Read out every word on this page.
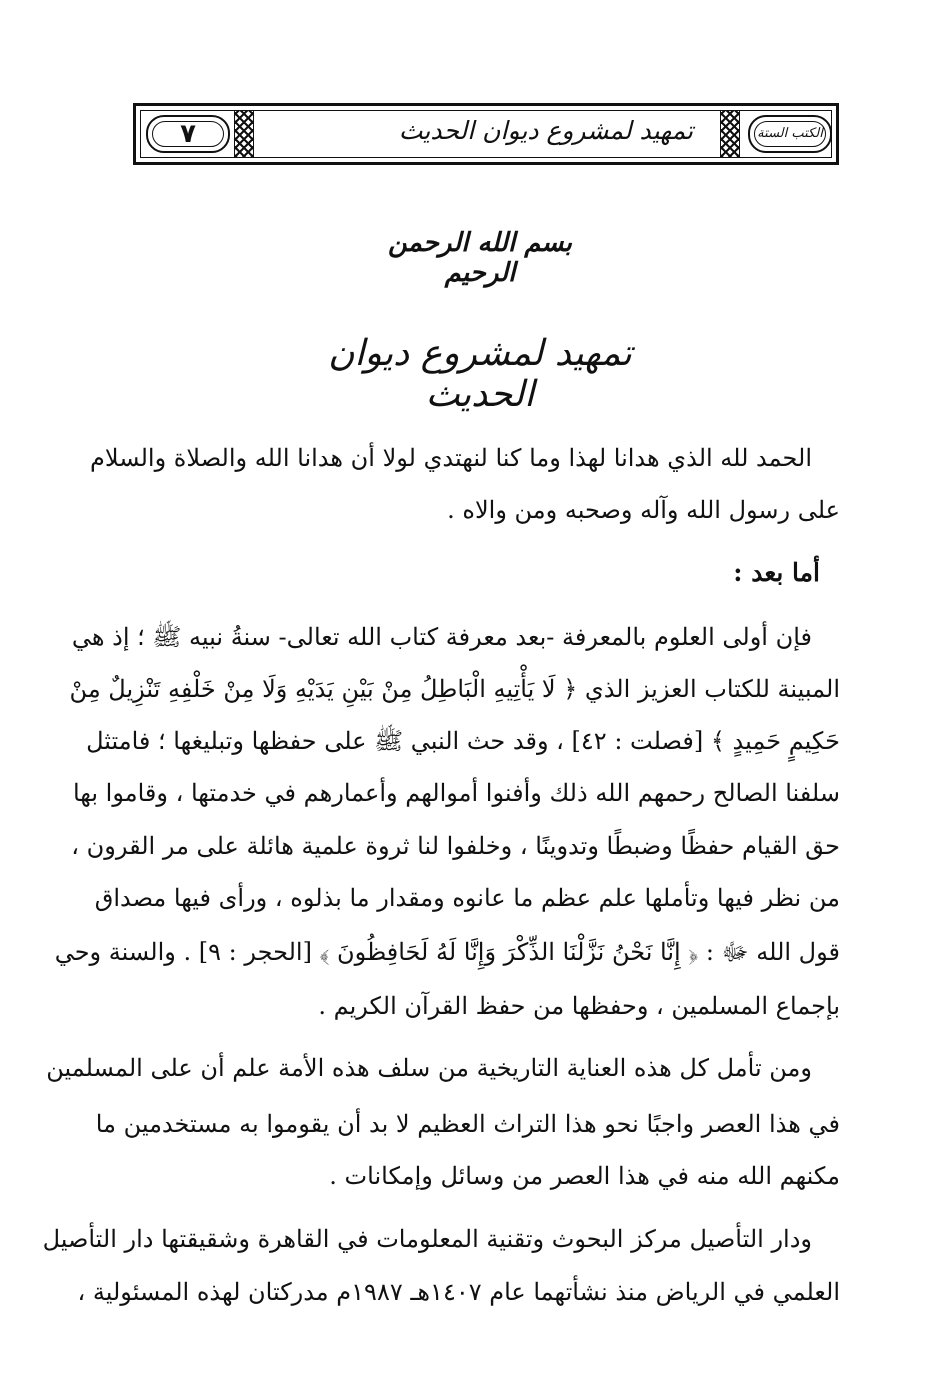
٧	تمهيد لمشروع ديوان الحديث	الكتب الستة
بسم الله الرحمن الرحيم
تمهيد لمشروع ديوان الحديث
الحمد لله الذي هدانا لهذا وما كنا لنهتدي لولا أن هدانا الله والصلاة والسلام
على رسول الله وآله وصحبه ومن والاه .
أما بعد :
فإن أولى العلوم بالمعرفة -بعد معرفة كتاب الله تعالى- سنةُ نبيه ﷺ ؛ إذ هي
المبينة للكتاب العزيز الذي ﴿ لَا يَأْتِيهِ الْبَاطِلُ مِنْ بَيْنِ يَدَيْهِ وَلَا مِنْ خَلْفِهِ تَنْزِيلٌ مِنْ
حَكِيمٍ حَمِيدٍ ﴾ [فصلت : ٤٢] ، وقد حث النبي ﷺ على حفظها وتبليغها ؛ فامتثل
سلفنا الصالح رحمهم الله ذلك وأفنوا أموالهم وأعمارهم في خدمتها ، وقاموا بها
حق القيام حفظًا وضبطًا وتدوينًا ، وخلفوا لنا ثروة علمية هائلة على مر القرون ،
من نظر فيها وتأملها علم عظم ما عانوه ومقدار ما بذلوه ، ورأى فيها مصداق
قول الله ﷻ : ﴿ إِنَّا نَحْنُ نَزَّلْنَا الذِّكْرَ وَإِنَّا لَهُ لَحَافِظُونَ ﴾ [الحجر : ٩] . والسنة وحي
بإجماع المسلمين ، وحفظها من حفظ القرآن الكريم .
ومن تأمل كل هذه العناية التاريخية من سلف هذه الأمة علم أن على المسلمين
في هذا العصر واجبًا نحو هذا التراث العظيم لا بد أن يقوموا به مستخدمين ما
مكنهم الله منه في هذا العصر من وسائل وإمكانات .
ودار التأصيل مركز البحوث وتقنية المعلومات في القاهرة وشقيقتها دار التأصيل
العلمي في الرياض منذ نشأتهما عام ١٤٠٧هـ ١٩٨٧م مدركتان لهذه المسئولية ،
